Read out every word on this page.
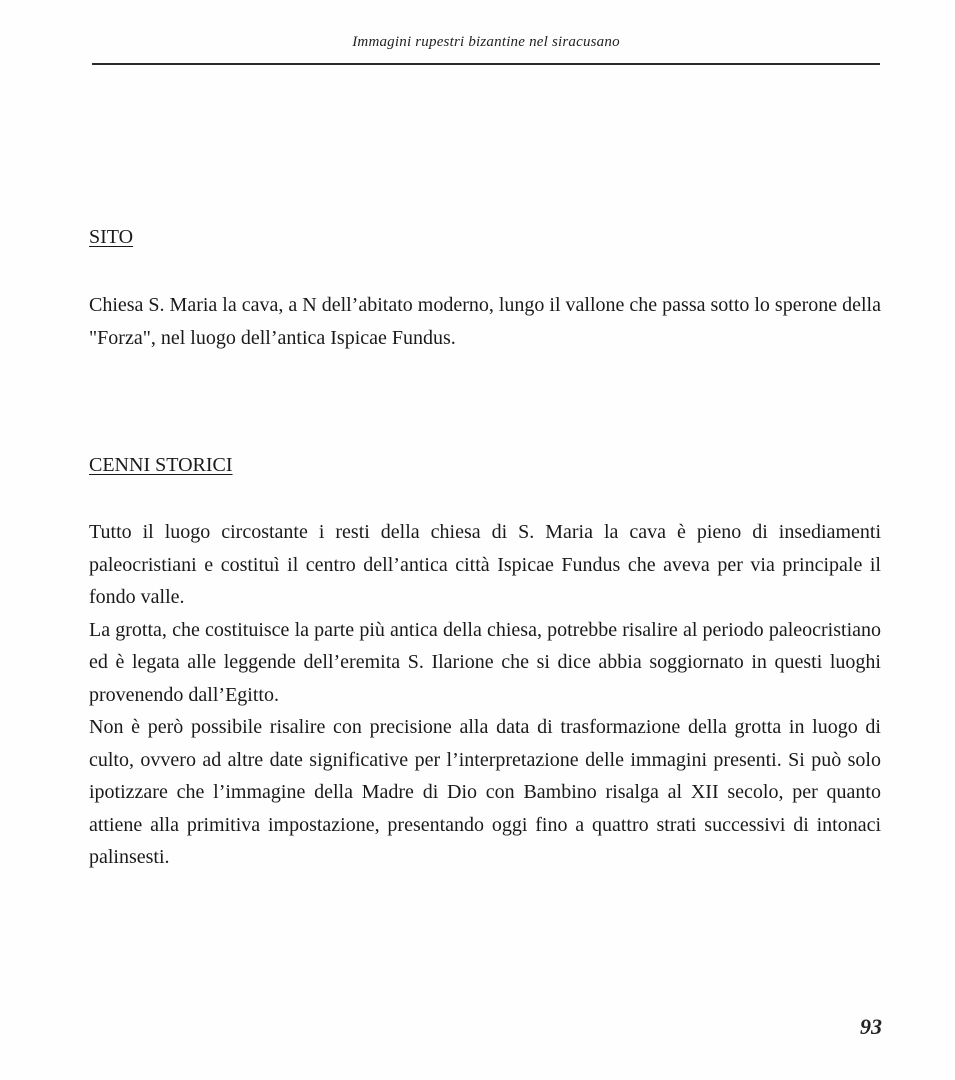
Immagini rupestri bizantine nel siracusano
SITO

Chiesa S. Maria la cava, a N dell’abitato moderno, lungo il vallone che passa sotto lo sperone della "Forza", nel luogo dell’antica Ispicae Fundus.

CENNI STORICI

Tutto il luogo circostante i resti della chiesa di S. Maria la cava è pieno di insediamenti paleocristiani e costituì il centro dell’antica città Ispicae Fundus che aveva per via principale il fondo valle.

La grotta, che costituisce la parte più antica della chiesa, potrebbe risalire al periodo paleocristiano ed è legata alle leggende dell’eremita S. Ilarione che si dice abbia soggiornato in questi luoghi provenendo dall’Egitto.

Non è però possibile risalire con precisione alla data di trasformazione della grotta in luogo di culto, ovvero ad altre date significative per l’interpretazione delle immagini presenti. Si può solo ipotizzare che l’immagine della Madre di Dio con Bambino risalga al XII secolo, per quanto attiene alla primitiva impostazione, presentando oggi fino a quattro strati successivi di intonaci palinsesti.

93
